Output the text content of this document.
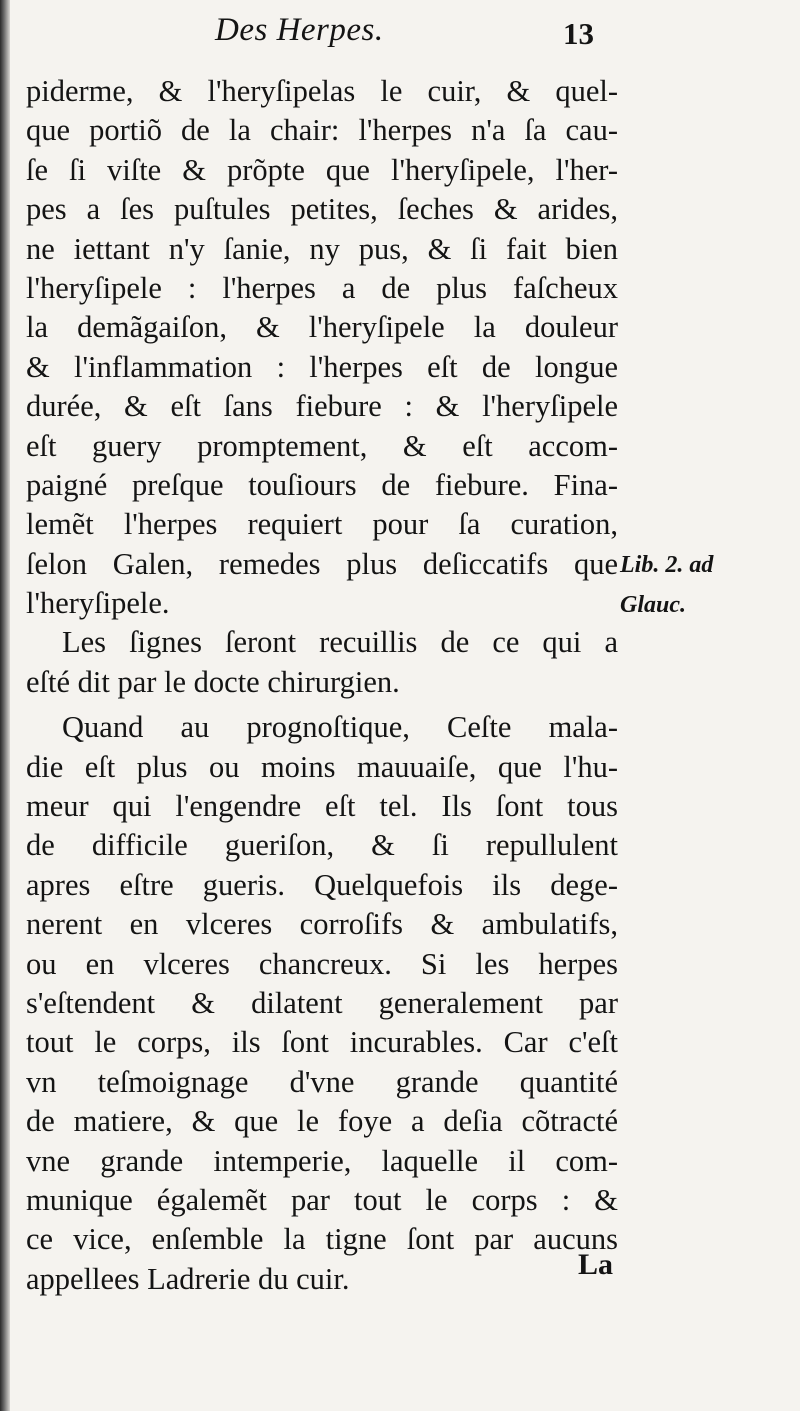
Des Herpes.	13
piderme, & l'heryſipelas le cuir, & quel-
que portiõ de la chair: l'herpes n'a ſa cau-
ſe ſi viſte & prõpte que l'heryſipele, l'her-
pes a ſes puſtules petites, ſeches & arides,
ne iettant n'y ſanie, ny pus, & ſi fait bien
l'heryſipele : l'herpes a de plus faſcheux
la demãgaiſon, & l'heryſipele la douleur
& l'inflammation : l'herpes eſt de longue
durée, & eſt ſans fiebure : & l'heryſipele
eſt guery promptement, & eſt accom-
paigné preſque touſiours de fiebure. Fina-
lemẽt l'herpes requiert pour ſa curation,
ſelon Galen, remedes plus deſiccatifs que
l'heryſipele.
Les ſignes ſeront recuillis de ce qui a
eſté dit par le docte chirurgien.
Quand au prognoſtique, Ceſte mala-
die eſt plus ou moins mauuaiſe, que l'hu-
meur qui l'engendre eſt tel. Ils ſont tous
de difficile gueriſon, & ſi repullulent
apres eſtre gueris. Quelquefois ils dege-
nerent en vlceres corroſifs & ambulatifs,
ou en vlceres chancreux. Si les herpes
s'eſtendent & dilatent generalement par
tout le corps, ils ſont incurables. Car c'eſt
vn teſmoignage d'vne grande quantité
de matiere, & que le foye a deſia cõtracté
vne grande intemperie, laquelle il com-
munique égalemẽt par tout le corps : &
ce vice, enſemble la tigne ſont par aucuns
appellees Ladrerie du cuir.
Lib. 2. ad
Glauc.
La
